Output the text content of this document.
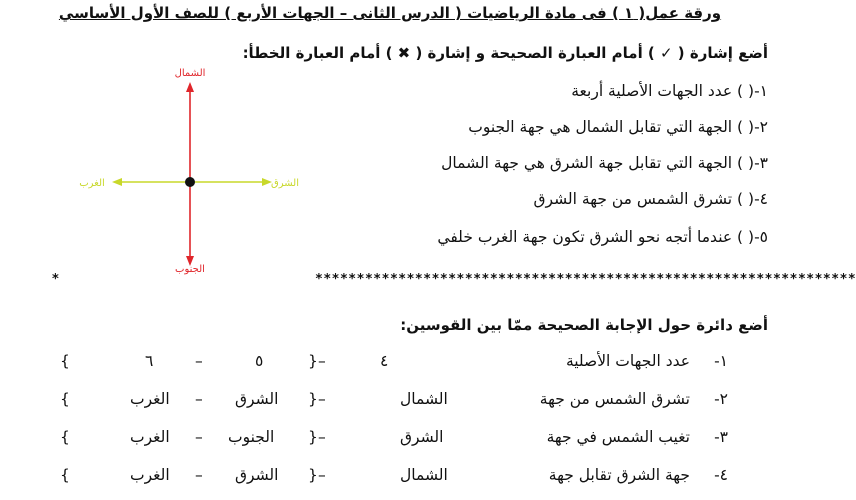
ورقة عمل( ١ ) فى مادة الرياضيات ( الدرس الثانى – الجهات الأربع ) للصف الأول الأساسي
أضع إشارة ( ✓ ) أمام العبارة الصحيحة و إشارة ( ✖ ) أمام العبارة الخطأ:
١-( ) عدد الجهات الأصلية أربعة
٢-( ) الجهة التي تقابل الشمال هي جهة الجنوب
٣-( ) الجهة التي تقابل جهة الشرق هي جهة الشمال
٤-( ) تشرق الشمس من جهة الشرق
٥-( ) عندما أتجه نحو الشرق تكون جهة الغرب خلفي
الشمال
الجنوب
الشرق
الغرب
*****************************************************************
*
أضع دائرة حول الإجابة الصحيحة ممّا بين القوسين:
١-
عدد الجهات الأصلية
{	٤
–
٥
–
٦
}
٢-
تشرق الشمس من جهة
{	الشمال
–
الشرق
–
الغرب
}
٣-
تغيب الشمس في جهة
{	الشرق
–
الجنوب
–
الغرب
}
٤-
جهة الشرق تقابل جهة
{	الشمال
–
الشرق
–
الغرب
}
